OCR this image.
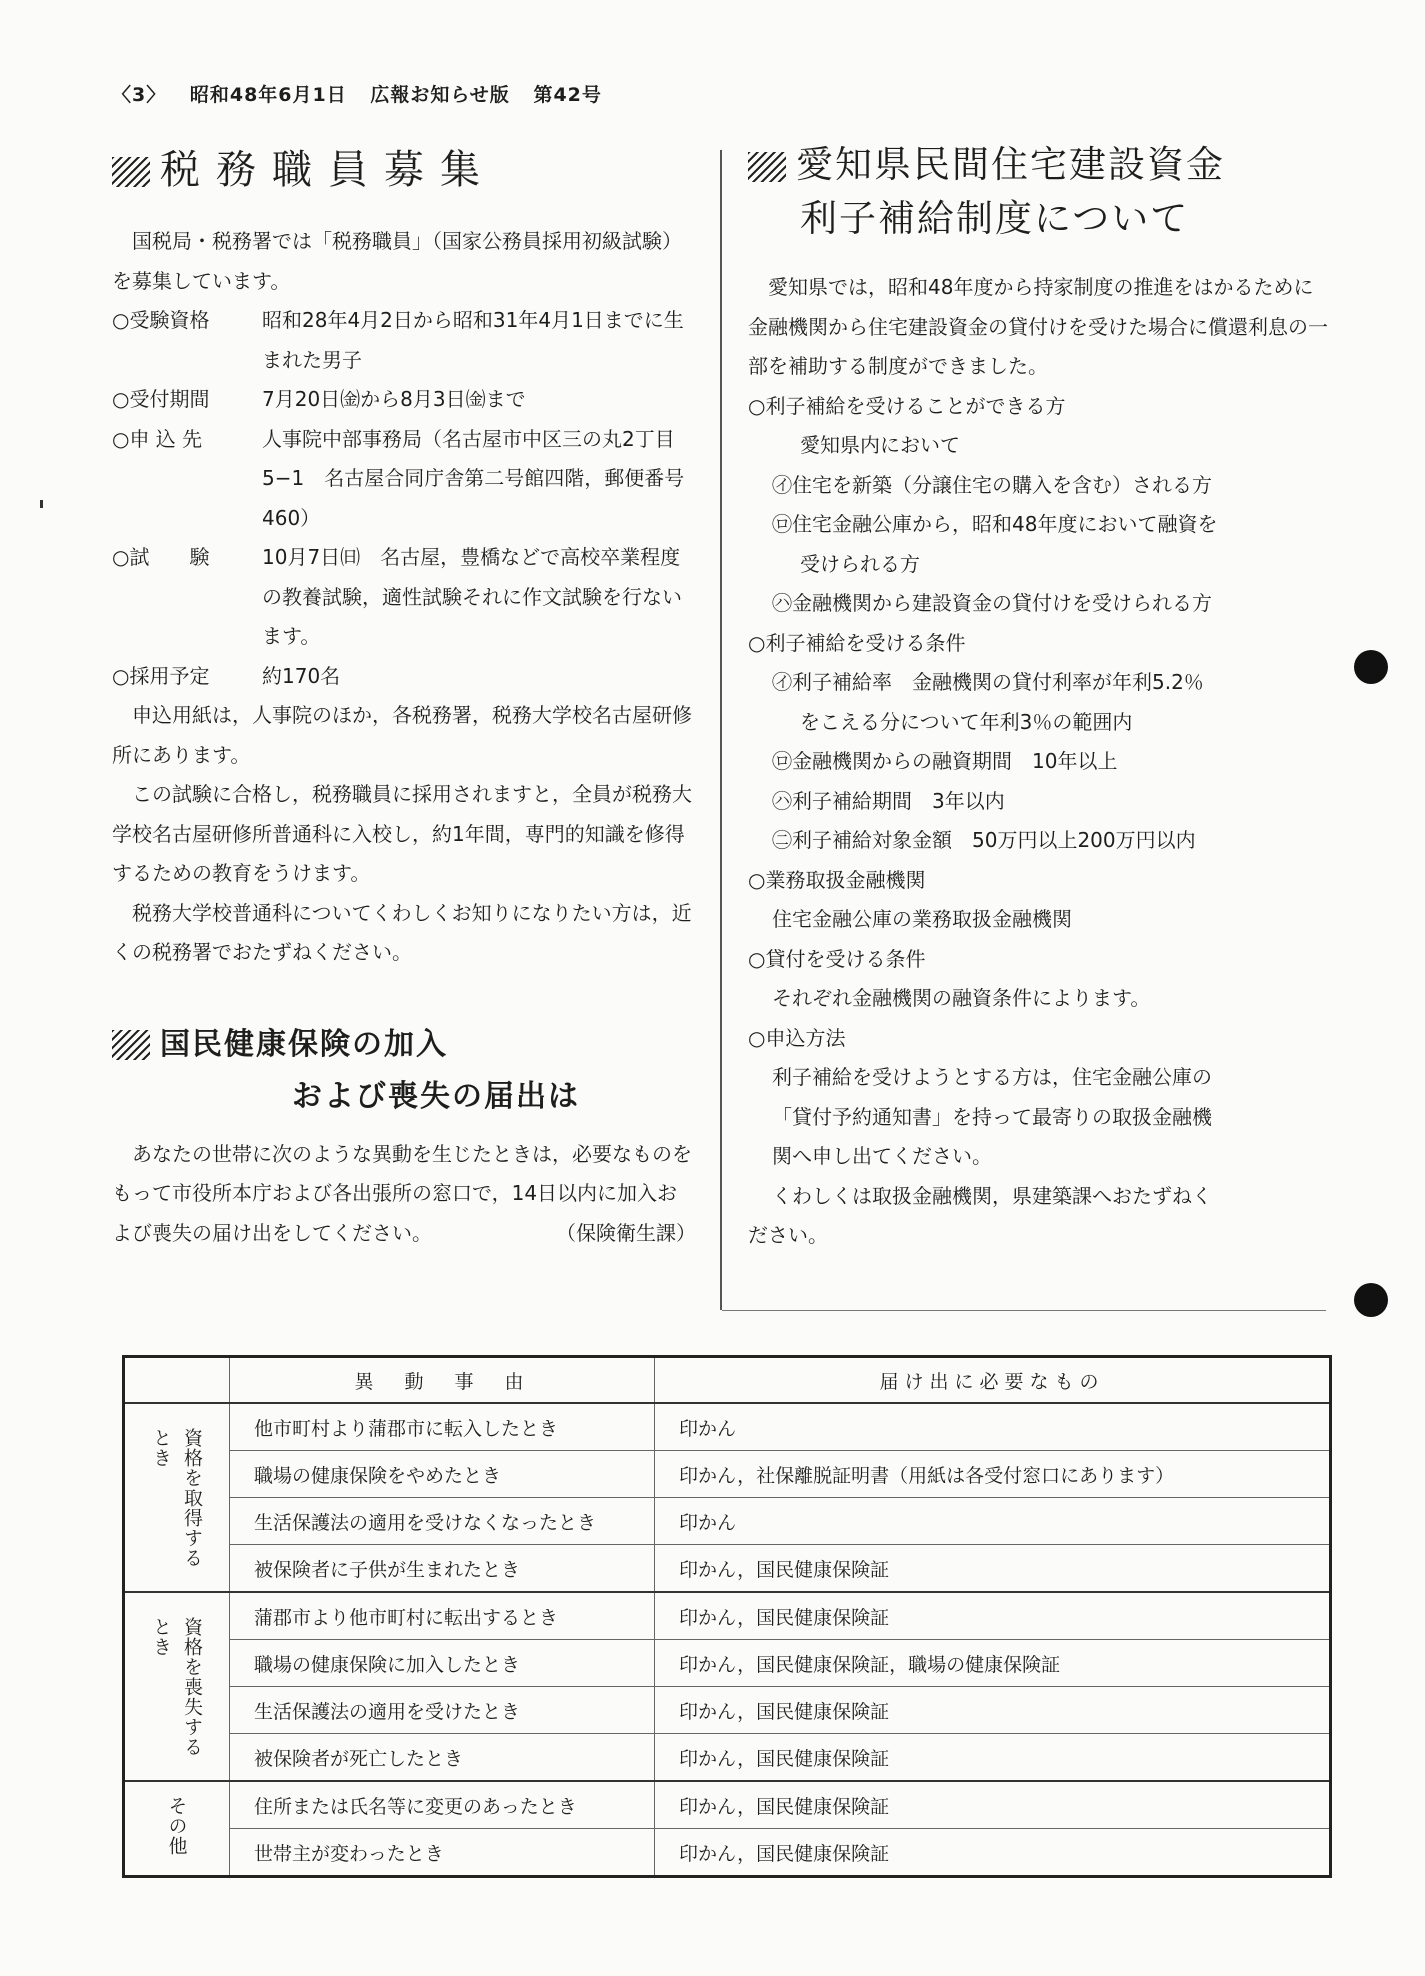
〈3〉 昭和48年6月1日 広報お知らせ版 第42号
税務職員募集

国税局・税務署では「税務職員」（国家公務員採用初級試験）を募集しています。

○受験資格	昭和28年4月2日から昭和31年4月1日までに生まれた男子
○受付期間	7月20日㈮から8月3日㈮まで
○申 込 先	人事院中部事務局（名古屋市中区三の丸2丁目5−1　名古屋合同庁舎第二号館四階，郵便番号460）
○試　　験	10月7日㈰　名古屋，豊橋などで高校卒業程度の教養試験，適性試験それに作文試験を行ないます。
○採用予定	約170名

申込用紙は，人事院のほか，各税務署，税務大学校名古屋研修所にあります。

この試験に合格し，税務職員に採用されますと，全員が税務大学校名古屋研修所普通科に入校し，約1年間，専門的知識を修得するための教育をうけます。

税務大学校普通科についてくわしくお知りになりたい方は，近くの税務署でおたずねください。

国民健康保険の加入
および喪失の届出は

あなたの世帯に次のような異動を生じたときは，必要なものをもって市役所本庁および各出張所の窓口で，14日以内に加入および喪失の届け出をしてください。	（保険衛生課）
愛知県民間住宅建設資金
利子補給制度について

愛知県では，昭和48年度から持家制度の推進をはかるために金融機関から住宅建設資金の貸付けを受けた場合に償還利息の一部を補助する制度ができました。

○利子補給を受けることができる方
愛知県内において
㋑住宅を新築（分譲住宅の購入を含む）される方
㋺住宅金融公庫から，昭和48年度において融資を
受けられる方
㋩金融機関から建設資金の貸付けを受けられる方
○利子補給を受ける条件
㋑利子補給率　金融機関の貸付利率が年利5.2％
をこえる分について年利3％の範囲内
㋺金融機関からの融資期間　10年以上
㋩利子補給期間　3年以内
㊁利子補給対象金額　50万円以上200万円以内
○業務取扱金融機関
住宅金融公庫の業務取扱金融機関
○貸付を受ける条件
それぞれ金融機関の融資条件によります。
○申込方法
利子補給を受けようとする方は，住宅金融公庫の
「貸付予約通知書」を持って最寄りの取扱金融機
関へ申し出てください。
くわしくは取扱金融機関，県建築課へおたずねく
ださい。
	異　動　事　由	届け出に必要なもの

とき 資格を取得する	他市町村より蒲郡市に転入したとき	印かん
	職場の健康保険をやめたとき	印かん，社保離脱証明書（用紙は各受付窓口にあります）
	生活保護法の適用を受けなくなったとき	印かん
	被保険者に子供が生まれたとき	印かん，国民健康保険証

とき 資格を喪失する	蒲郡市より他市町村に転出するとき	印かん，国民健康保険証
	職場の健康保険に加入したとき	印かん，国民健康保険証，職場の健康保険証
	生活保護法の適用を受けたとき	印かん，国民健康保険証
	被保険者が死亡したとき	印かん，国民健康保険証

その他	住所または氏名等に変更のあったとき	印かん，国民健康保険証
	世帯主が変わったとき	印かん，国民健康保険証
